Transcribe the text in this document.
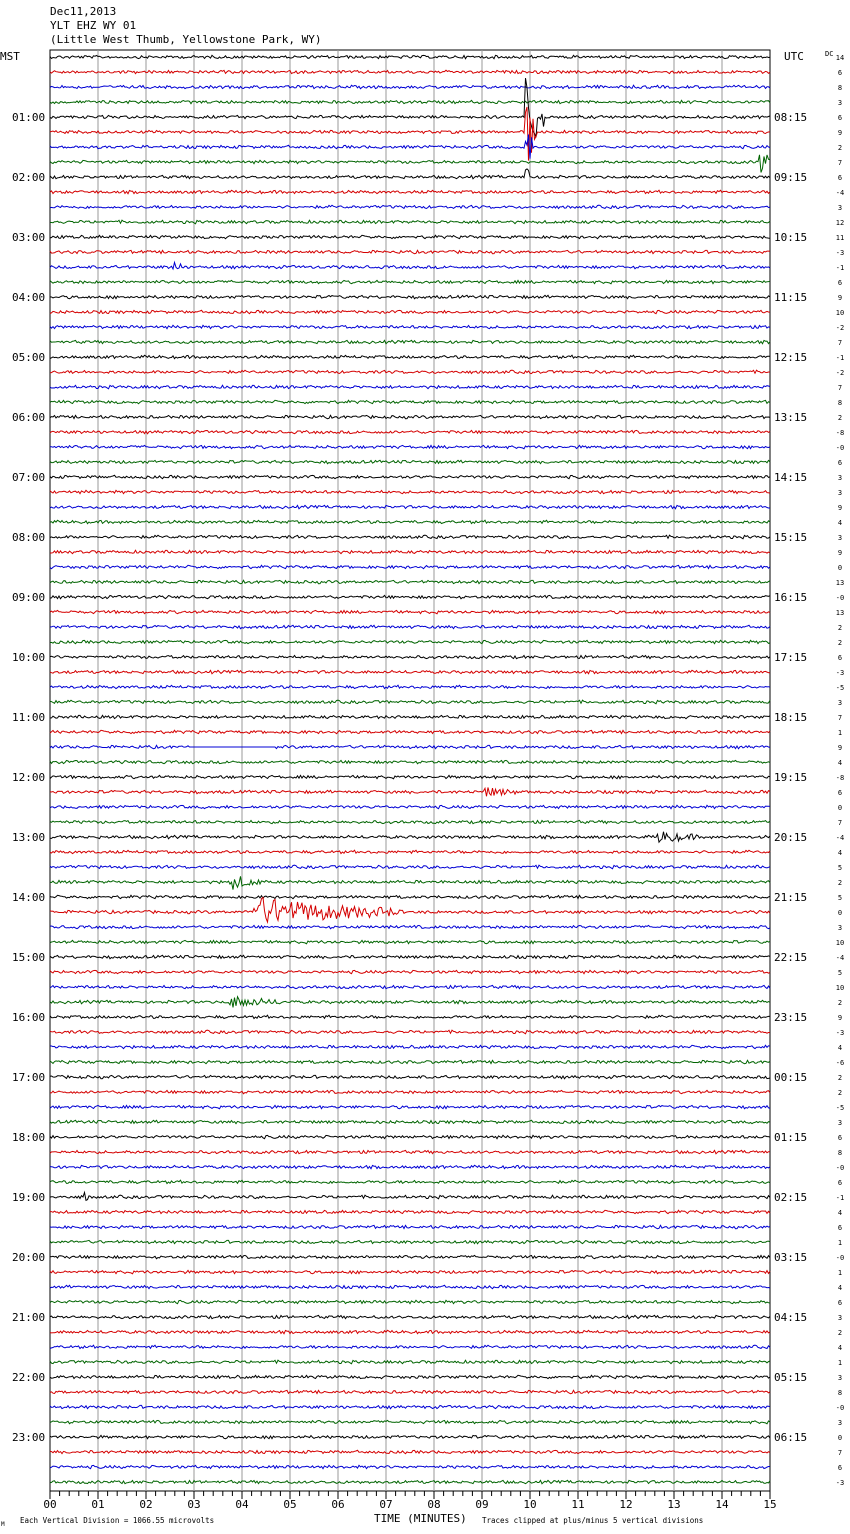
Dec11,2013
YLT EHZ WY 01
(Little West Thumb, Yellowstone Park, WY)
00	01	02	03	04	05	06	07	08	09	10	11	12	13	14	15
14
6
8
3
6
9
2
7
6
-4
3
12
11
-3
-1
6
9
10
-2
7
-1
-2
7
8
2
-8
-0
6
3
3
9
4
3
9
0
13
-0
13
2
2
6
-3
-5
3
7
1
9
4
-8
6
0
7
-4
4
5
2
5
0
3
10
-4
5
10
2
9
-3
4
-6
2
2
-5
3
6
8
-0
6
-1
4
6
1
-0
1
4
6
3
2
4
1
3
8
-0
3
0
7
6
-3
01:00	08:15
02:00	09:15
03:00	10:15
04:00	11:15
05:00	12:15
06:00	13:15
07:00	14:15
08:00	15:15
09:00	16:15
10:00	17:15
11:00	18:15
12:00	19:15
13:00	20:15
14:00	21:15
15:00	22:15
16:00	23:15
17:00	00:15
18:00	01:15
19:00	02:15
20:00	03:15
21:00	04:15
22:00	05:15
23:00	06:15
MST	UTC	DC
TIME (MINUTES)
Each Vertical Division = 1066.55 microvolts	Traces clipped at plus/minus 5 vertical divisions
M
